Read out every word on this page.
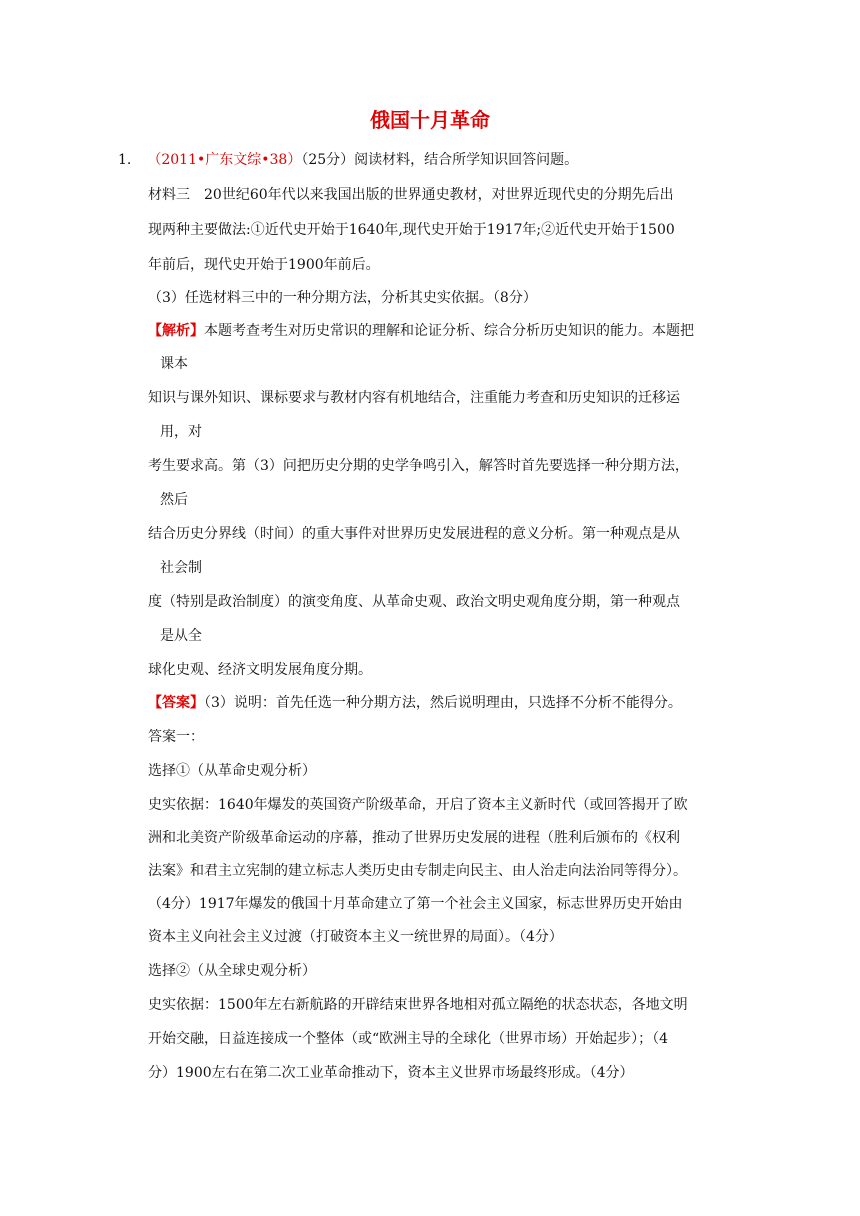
俄国十月革命
1. （2011•广东文综•38）（25分）阅读材料，结合所学知识回答问题。
材料三　20世纪60年代以来我国出版的世界通史教材，对世界近现代史的分期先后出
现两种主要做法:①近代史开始于1640年,现代史开始于1917年;②近代史开始于1500
年前后，现代史开始于1900年前后。
（3）任选材料三中的一种分期方法，分析其史实依据。（8分）
【解析】本题考查考生对历史常识的理解和论证分析、综合分析历史知识的能力。本题把
课本
知识与课外知识、课标要求与教材内容有机地结合，注重能力考查和历史知识的迁移运
用，对
考生要求高。第（3）问把历史分期的史学争鸣引入，解答时首先要选择一种分期方法，
然后
结合历史分界线（时间）的重大事件对世界历史发展进程的意义分析。第一种观点是从
社会制
度（特别是政治制度）的演变角度、从革命史观、政治文明史观角度分期，第一种观点
是从全
球化史观、经济文明发展角度分期。
【答案】（3）说明：首先任选一种分期方法，然后说明理由，只选择不分析不能得分。
答案一：
选择①（从革命史观分析）
史实依据：1640年爆发的英国资产阶级革命，开启了资本主义新时代（或回答揭开了欧
洲和北美资产阶级革命运动的序幕，推动了世界历史发展的进程（胜利后颁布的《权利
法案》和君主立宪制的建立标志人类历史由专制走向民主、由人治走向法治同等得分）。
（4分）1917年爆发的俄国十月革命建立了第一个社会主义国家，标志世界历史开始由
资本主义向社会主义过渡（打破资本主义一统世界的局面）。（4分）
选择②（从全球史观分析）
史实依据：1500年左右新航路的开辟结束世界各地相对孤立隔绝的状态状态，各地文明
开始交融，日益连接成一个整体（或“欧洲主导的全球化（世界市场）开始起步）；（4
分）1900左右在第二次工业革命推动下，资本主义世界市场最终形成。（4分）
